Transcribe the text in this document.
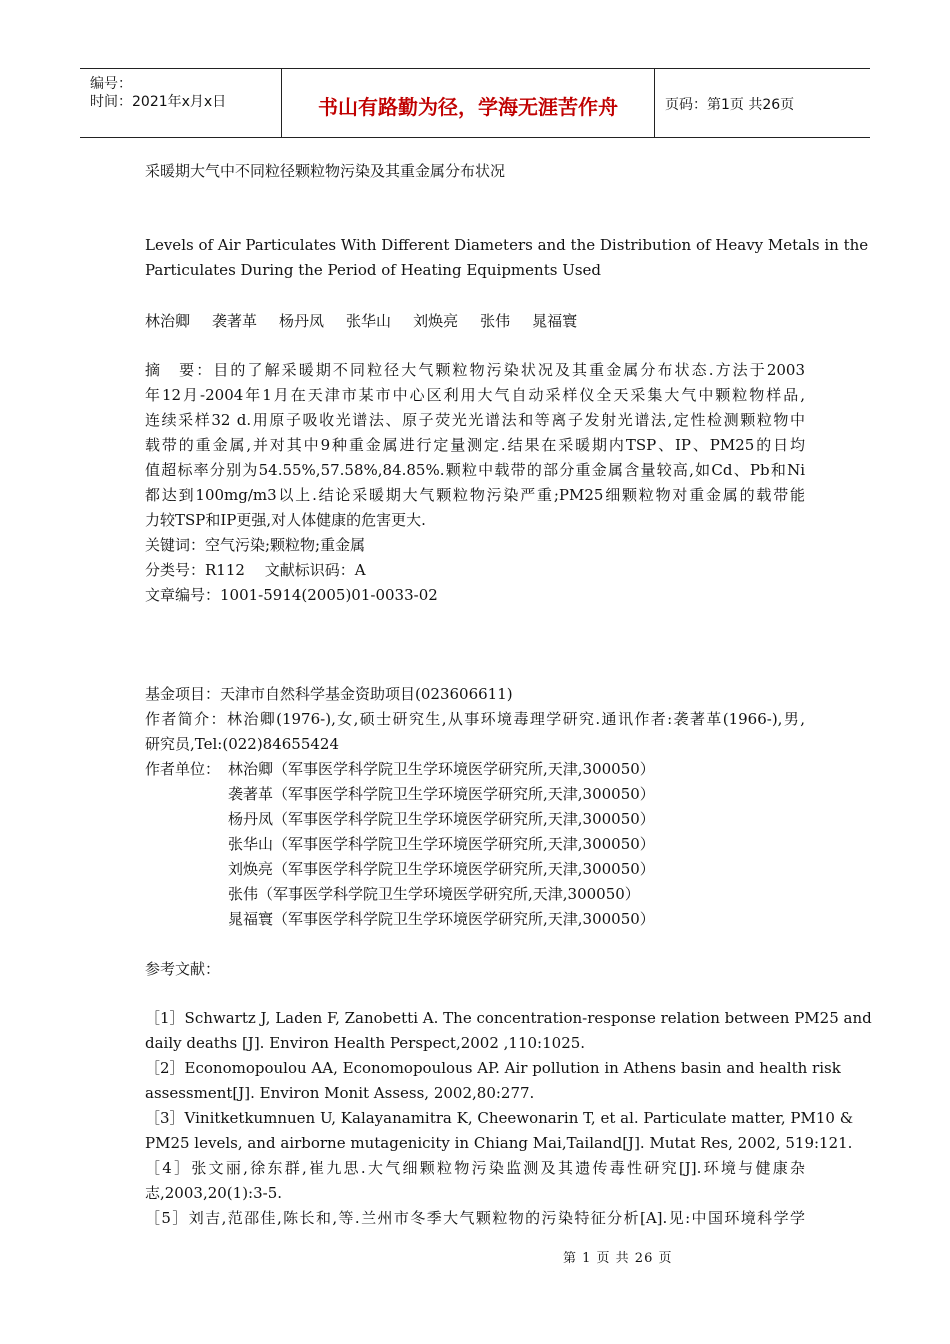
编号：
时间：2021年x月x日	书山有路勤为径，学海无涯苦作舟	页码：第1页 共26页
采暖期大气中不同粒径颗粒物污染及其重金属分布状况
Levels of Air Particulates With Different Diameters and the Distribution of Heavy Metals in the
Particulates During the Period of Heating Equipments Used
林治卿 袭著革 杨丹凤 张华山 刘焕亮 张伟 晁福寰
摘　要：目的了解采暖期不同粒径大气颗粒物污染状况及其重金属分布状态.方法于2003
年12月-2004年1月在天津市某市中心区利用大气自动采样仪全天采集大气中颗粒物样品,
连续采样32 d.用原子吸收光谱法、原子荧光光谱法和等离子发射光谱法,定性检测颗粒物中
载带的重金属,并对其中9种重金属进行定量测定.结果在采暖期内TSP、IP、PM25的日均
值超标率分别为54.55%,57.58%,84.85%.颗粒中载带的部分重金属含量较高,如Cd、Pb和Ni
都达到100mg/m3以上.结论采暖期大气颗粒物污染严重;PM25细颗粒物对重金属的载带能
力较TSP和IP更强,对人体健康的危害更大.
关键词：空气污染;颗粒物;重金属
分类号：R112　 文献标识码：A
文章编号：1001-5914(2005)01-0033-02
基金项目：天津市自然科学基金资助项目(023606611)
作者简介：林治卿(1976-),女,硕士研究生,从事环境毒理学研究.通讯作者:袭著革(1966-),男,
研究员,Tel:(022)84655424
作者单位： 林治卿（军事医学科学院卫生学环境医学研究所,天津,300050）
袭著革（军事医学科学院卫生学环境医学研究所,天津,300050）
杨丹凤（军事医学科学院卫生学环境医学研究所,天津,300050）
张华山（军事医学科学院卫生学环境医学研究所,天津,300050）
刘焕亮（军事医学科学院卫生学环境医学研究所,天津,300050）
张伟（军事医学科学院卫生学环境医学研究所,天津,300050）
晁福寰（军事医学科学院卫生学环境医学研究所,天津,300050）
参考文献：
［1］Schwartz J, Laden F, Zanobetti A. The concentration-response relation between PM25 and
daily deaths [J]. Environ Health Perspect,2002 ,110:1025.
［2］Economopoulou AA, Economopoulous AP. Air pollution in Athens basin and health risk
assessment[J]. Environ Monit Assess, 2002,80:277.
［3］Vinitketkumnuen U, Kalayanamitra K, Cheewonarin T, et al. Particulate matter, PM10 &
PM25 levels, and airborne mutagenicity in Chiang Mai,Tailand[J]. Mutat Res, 2002, 519:121.
［4］张文丽,徐东群,崔九思.大气细颗粒物污染监测及其遗传毒性研究[J].环境与健康杂
志,2003,20(1):3-5.
［5］刘吉,范邵佳,陈长和,等.兰州市冬季大气颗粒物的污染特征分析[A].见:中国环境科学学
第 1 页 共 26 页
